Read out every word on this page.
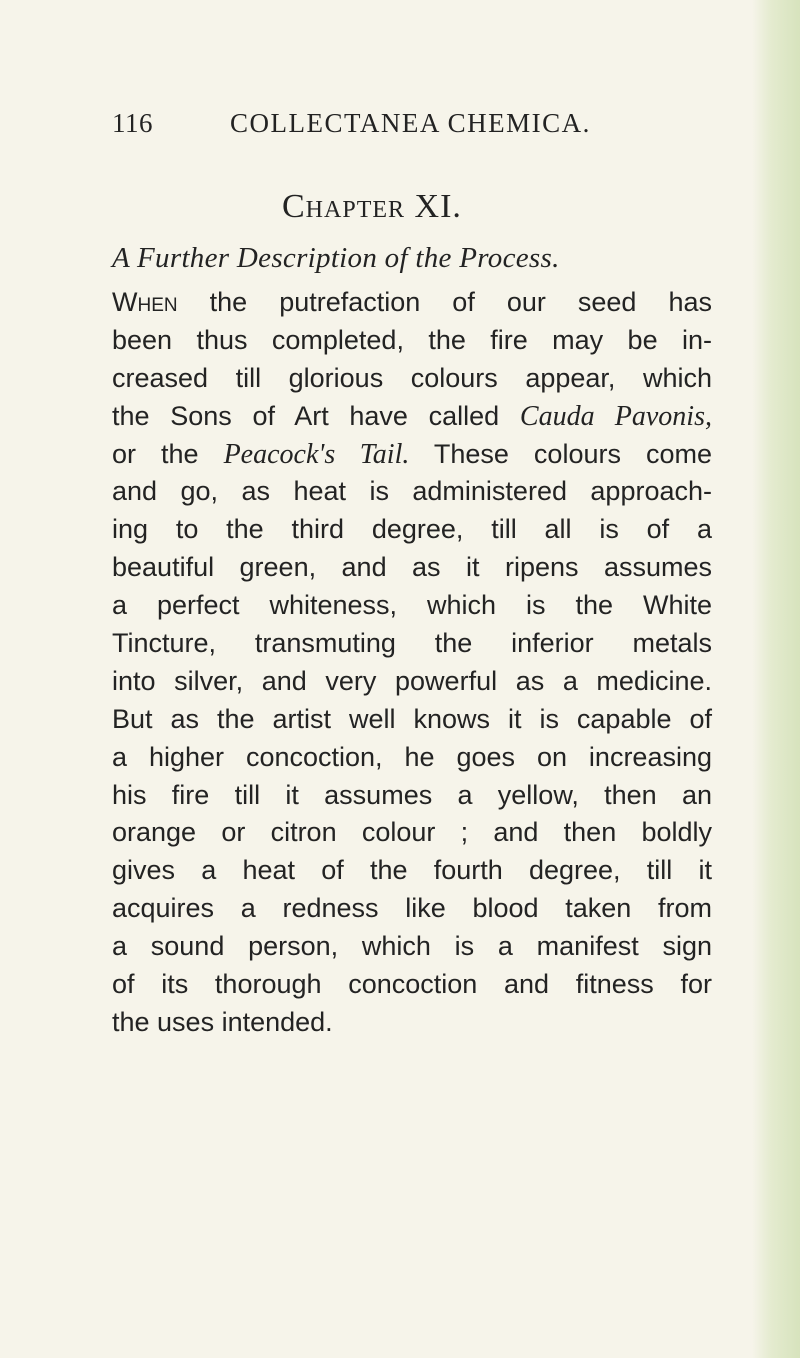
116	COLLECTANEA CHEMICA.
Chapter XI.
A Further Description of the Process.
When the putrefaction of our seed has
been thus completed, the fire may be in-
creased till glorious colours appear, which
the Sons of Art have called Cauda Pavonis,
or the Peacock's Tail. These colours come
and go, as heat is administered approach-
ing to the third degree, till all is of a
beautiful green, and as it ripens assumes
a perfect whiteness, which is the White
Tincture, transmuting the inferior metals
into silver, and very powerful as a medicine.
But as the artist well knows it is capable of
a higher concoction, he goes on increasing
his fire till it assumes a yellow, then an
orange or citron colour ; and then boldly
gives a heat of the fourth degree, till it
acquires a redness like blood taken from
a sound person, which is a manifest sign
of its thorough concoction and fitness for
the uses intended.
